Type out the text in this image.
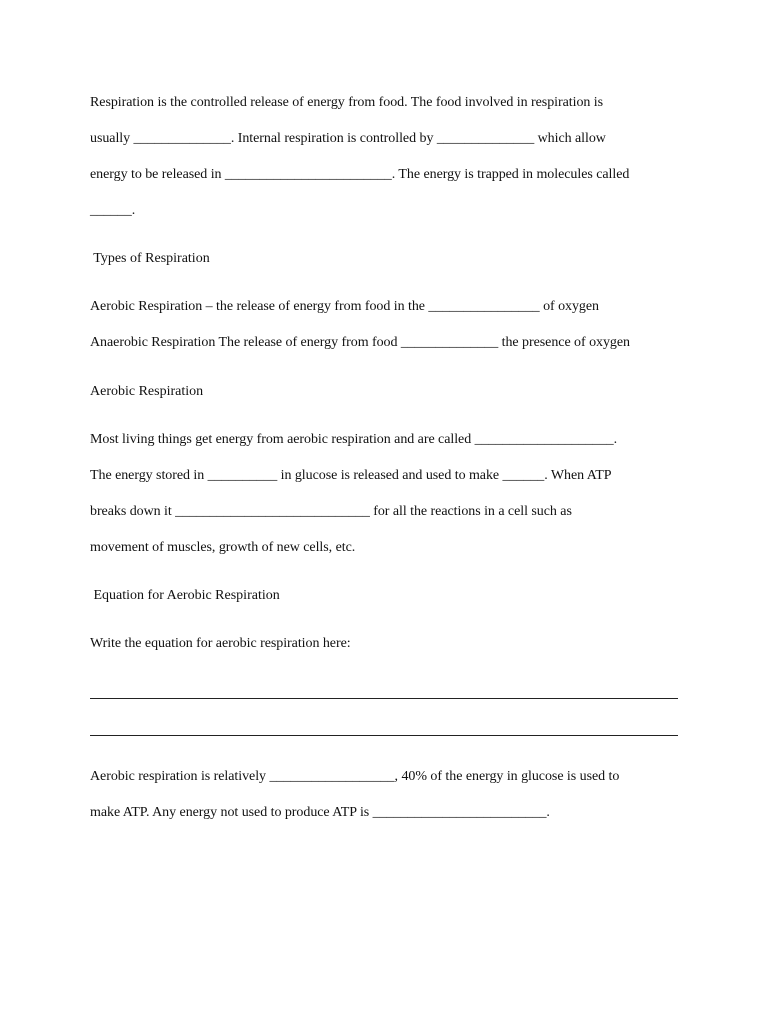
Respiration is the controlled release of energy from food. The food involved in respiration is
usually ______________. Internal respiration is controlled by ______________ which allow
energy to be released in ________________________. The energy is trapped in molecules called
______.
Types of Respiration
Aerobic Respiration – the release of energy from food in the ________________ of oxygen
Anaerobic Respiration The release of energy from food ______________ the presence of oxygen
Aerobic Respiration
Most living things get energy from aerobic respiration and are called ____________________.
The energy stored in __________ in glucose is released and used to make ______. When ATP
breaks down it ____________________________ for all the reactions in a cell such as
movement of muscles, growth of new cells, etc.
Equation for Aerobic Respiration
Write the equation for aerobic respiration here:
Aerobic respiration is relatively __________________, 40% of the energy in glucose is used to
make ATP. Any energy not used to produce ATP is _________________________.
